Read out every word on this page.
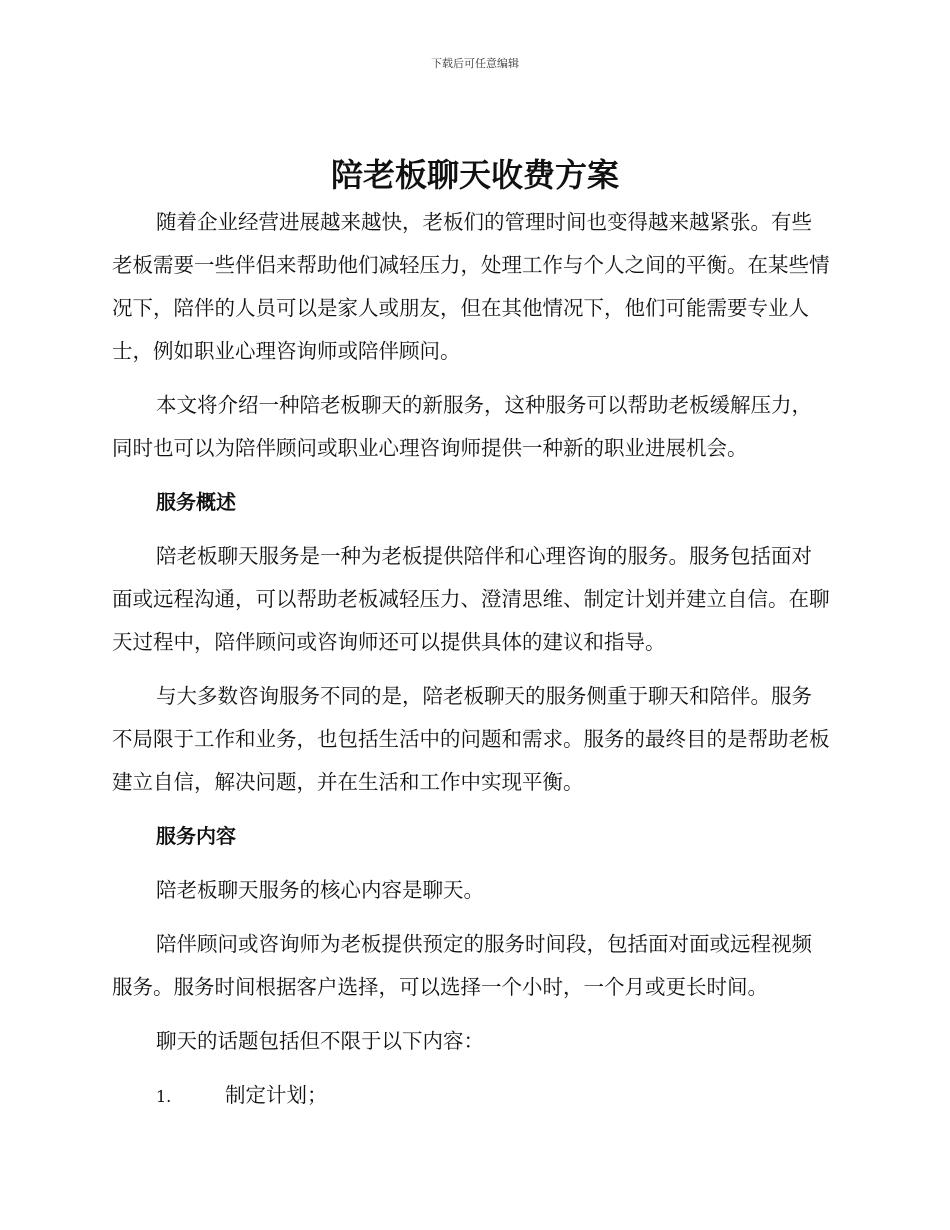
下载后可任意编辑
陪老板聊天收费方案

随着企业经营进展越来越快，老板们的管理时间也变得越来越紧张。有些老板需要一些伴侣来帮助他们减轻压力，处理工作与个人之间的平衡。在某些情况下，陪伴的人员可以是家人或朋友，但在其他情况下，他们可能需要专业人士，例如职业心理咨询师或陪伴顾问。

本文将介绍一种陪老板聊天的新服务，这种服务可以帮助老板缓解压力，同时也可以为陪伴顾问或职业心理咨询师提供一种新的职业进展机会。

服务概述

陪老板聊天服务是一种为老板提供陪伴和心理咨询的服务。服务包括面对面或远程沟通，可以帮助老板减轻压力、澄清思维、制定计划并建立自信。在聊天过程中，陪伴顾问或咨询师还可以提供具体的建议和指导。

与大多数咨询服务不同的是，陪老板聊天的服务侧重于聊天和陪伴。服务不局限于工作和业务，也包括生活中的问题和需求。服务的最终目的是帮助老板建立自信，解决问题，并在生活和工作中实现平衡。

服务内容

陪老板聊天服务的核心内容是聊天。

陪伴顾问或咨询师为老板提供预定的服务时间段，包括面对面或远程视频服务。服务时间根据客户选择，可以选择一个小时，一个月或更长时间。

聊天的话题包括但不限于以下内容：

1.	制定计划；
